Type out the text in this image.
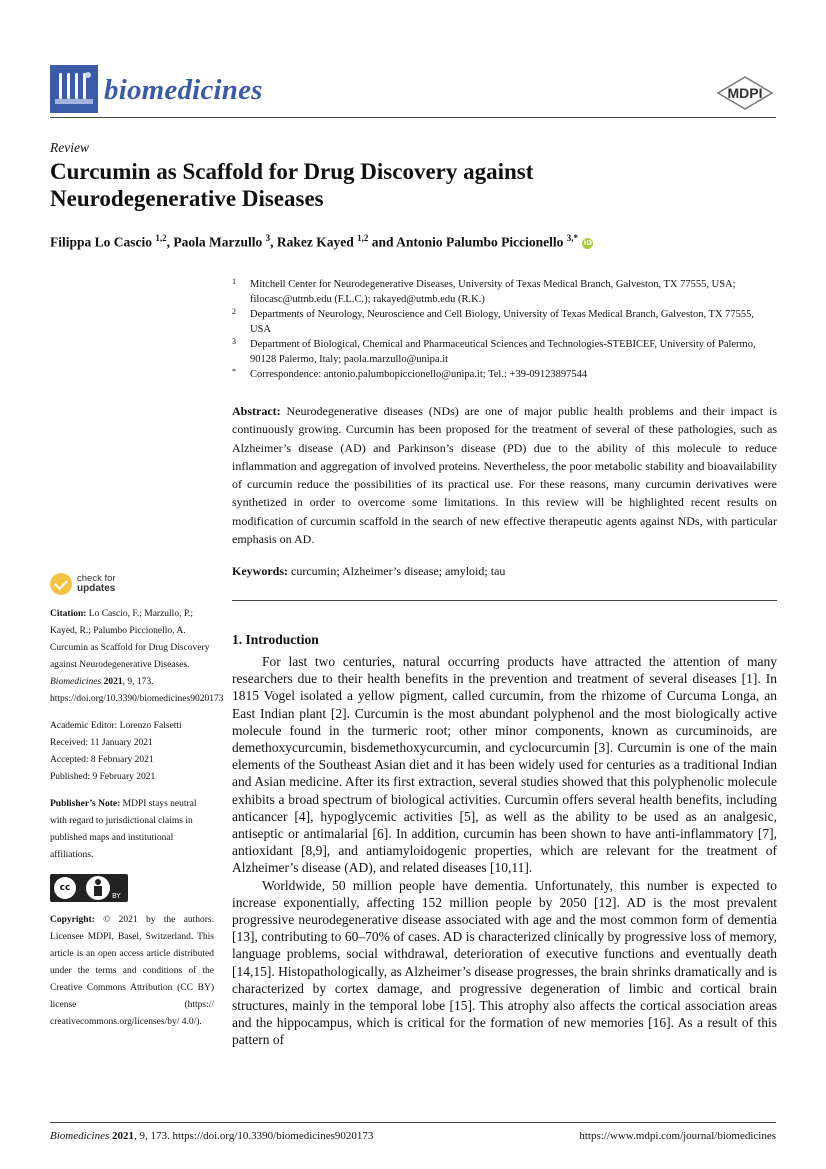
biomedicines	MDPI
Review
Curcumin as Scaffold for Drug Discovery against Neurodegenerative Diseases
Filippa Lo Cascio $^{1,2}$, Paola Marzullo $^3$, Rakez Kayed $^{1,2}$ and Antonio Palumbo Piccionello $^{3,*}$ iD
1 Mitchell Center for Neurodegenerative Diseases, University of Texas Medical Branch, Galveston, TX 77555, USA; filocasc@utmb.edu (F.L.C.); rakayed@utmb.edu (R.K.)
2 Departments of Neurology, Neuroscience and Cell Biology, University of Texas Medical Branch, Galveston, TX 77555, USA
3 Department of Biological, Chemical and Pharmaceutical Sciences and Technologies-STEBICEF, University of Palermo, 90128 Palermo, Italy; paola.marzullo@unipa.it
* Correspondence: antonio.palumbopiccionello@unipa.it; Tel.: +39-09123897544
Abstract: Neurodegenerative diseases (NDs) are one of major public health problems and their impact is continuously growing. Curcumin has been proposed for the treatment of several of these pathologies, such as Alzheimer’s disease (AD) and Parkinson’s disease (PD) due to the ability of this molecule to reduce inflammation and aggregation of involved proteins. Nevertheless, the poor metabolic stability and bioavailability of curcumin reduce the possibilities of its practical use. For these reasons, many curcumin derivatives were synthetized in order to overcome some limitations. In this review will be highlighted recent results on modification of curcumin scaffold in the search of new effective therapeutic agents against NDs, with particular emphasis on AD.
Keywords: curcumin; Alzheimer’s disease; amyloid; tau
check for
updates
Citation: Lo Cascio, F.; Marzullo, P.; Kayed, R.; Palumbo Piccionello, A. Curcumin as Scaffold for Drug Discovery against Neurodegenerative Diseases. Biomedicines 2021, 9, 173. https://doi.org/10.3390/biomedicines9020173

Academic Editor: Lorenzo Falsetti

Received: 11 January 2021

Accepted: 8 February 2021

Published: 9 February 2021

Publisher’s Note: MDPI stays neutral with regard to jurisdictional claims in published maps and institutional affiliations.
cc
BY
Copyright: © 2021 by the authors. Licensee MDPI, Basel, Switzerland. This article is an open access article distributed under the terms and conditions of the Creative Commons Attribution (CC BY) license (https:// creativecommons.org/licenses/by/ 4.0/).
1. Introduction

For last two centuries, natural occurring products have attracted the attention of many researchers due to their health benefits in the prevention and treatment of several diseases [1]. In 1815 Vogel isolated a yellow pigment, called curcumin, from the rhizome of Curcuma Longa, an East Indian plant [2]. Curcumin is the most abundant polyphenol and the most biologically active molecule found in the turmeric root; other minor components, known as curcuminoids, are demethoxycurcumin, bisdemethoxycurcumin, and cyclocurcumin [3]. Curcumin is one of the main elements of the Southeast Asian diet and it has been widely used for centuries as a traditional Indian and Asian medicine. After its first extraction, several studies showed that this polyphenolic molecule exhibits a broad spectrum of biological activities. Curcumin offers several health benefits, including anticancer [4], hypoglycemic activities [5], as well as the ability to be used as an analgesic, antiseptic or antimalarial [6]. In addition, curcumin has been shown to have anti-inflammatory [7], antioxidant [8,9], and antiamyloidogenic properties, which are relevant for the treatment of Alzheimer’s disease (AD), and related diseases [10,11].

Worldwide, 50 million people have dementia. Unfortunately, this number is expected to increase exponentially, affecting 152 million people by 2050 [12]. AD is the most prevalent progressive neurodegenerative disease associated with age and the most common form of dementia [13], contributing to 60–70% of cases. AD is characterized clinically by progressive loss of memory, language problems, social withdrawal, deterioration of executive functions and eventually death [14,15]. Histopathologically, as Alzheimer’s disease progresses, the brain shrinks dramatically and is characterized by cortex damage, and progressive degeneration of limbic and cortical brain structures, mainly in the temporal lobe [15]. This atrophy also affects the cortical association areas and the hippocampus, which is critical for the formation of new memories [16]. As a result of this pattern of

Biomedicines 2021, 9, 173. https://doi.org/10.3390/biomedicines9020173	https://www.mdpi.com/journal/biomedicines
